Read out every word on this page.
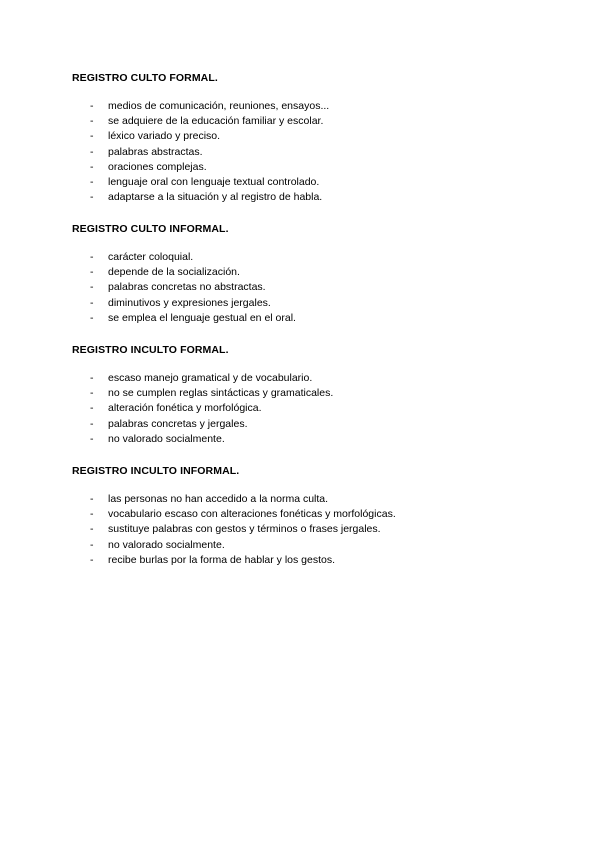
REGISTRO CULTO FORMAL.

- medios de comunicación, reuniones, ensayos...
- se adquiere de la educación familiar y escolar.
- léxico variado y preciso.
- palabras abstractas.
- oraciones complejas.
- lenguaje oral con lenguaje textual controlado.
- adaptarse a la situación y al registro de habla.

REGISTRO CULTO INFORMAL.

- carácter coloquial.
- depende de la socialización.
- palabras concretas no abstractas.
- diminutivos y expresiones jergales.
- se emplea el lenguaje gestual en el oral.

REGISTRO INCULTO FORMAL.

- escaso manejo gramatical y de vocabulario.
- no se cumplen reglas sintácticas y gramaticales.
- alteración fonética y morfológica.
- palabras concretas y jergales.
- no valorado socialmente.

REGISTRO INCULTO INFORMAL.

- las personas no han accedido a la norma culta.
- vocabulario escaso con alteraciones fonéticas y morfológicas.
- sustituye palabras con gestos y términos o frases jergales.
- no valorado socialmente.
- recibe burlas por la forma de hablar y los gestos.
